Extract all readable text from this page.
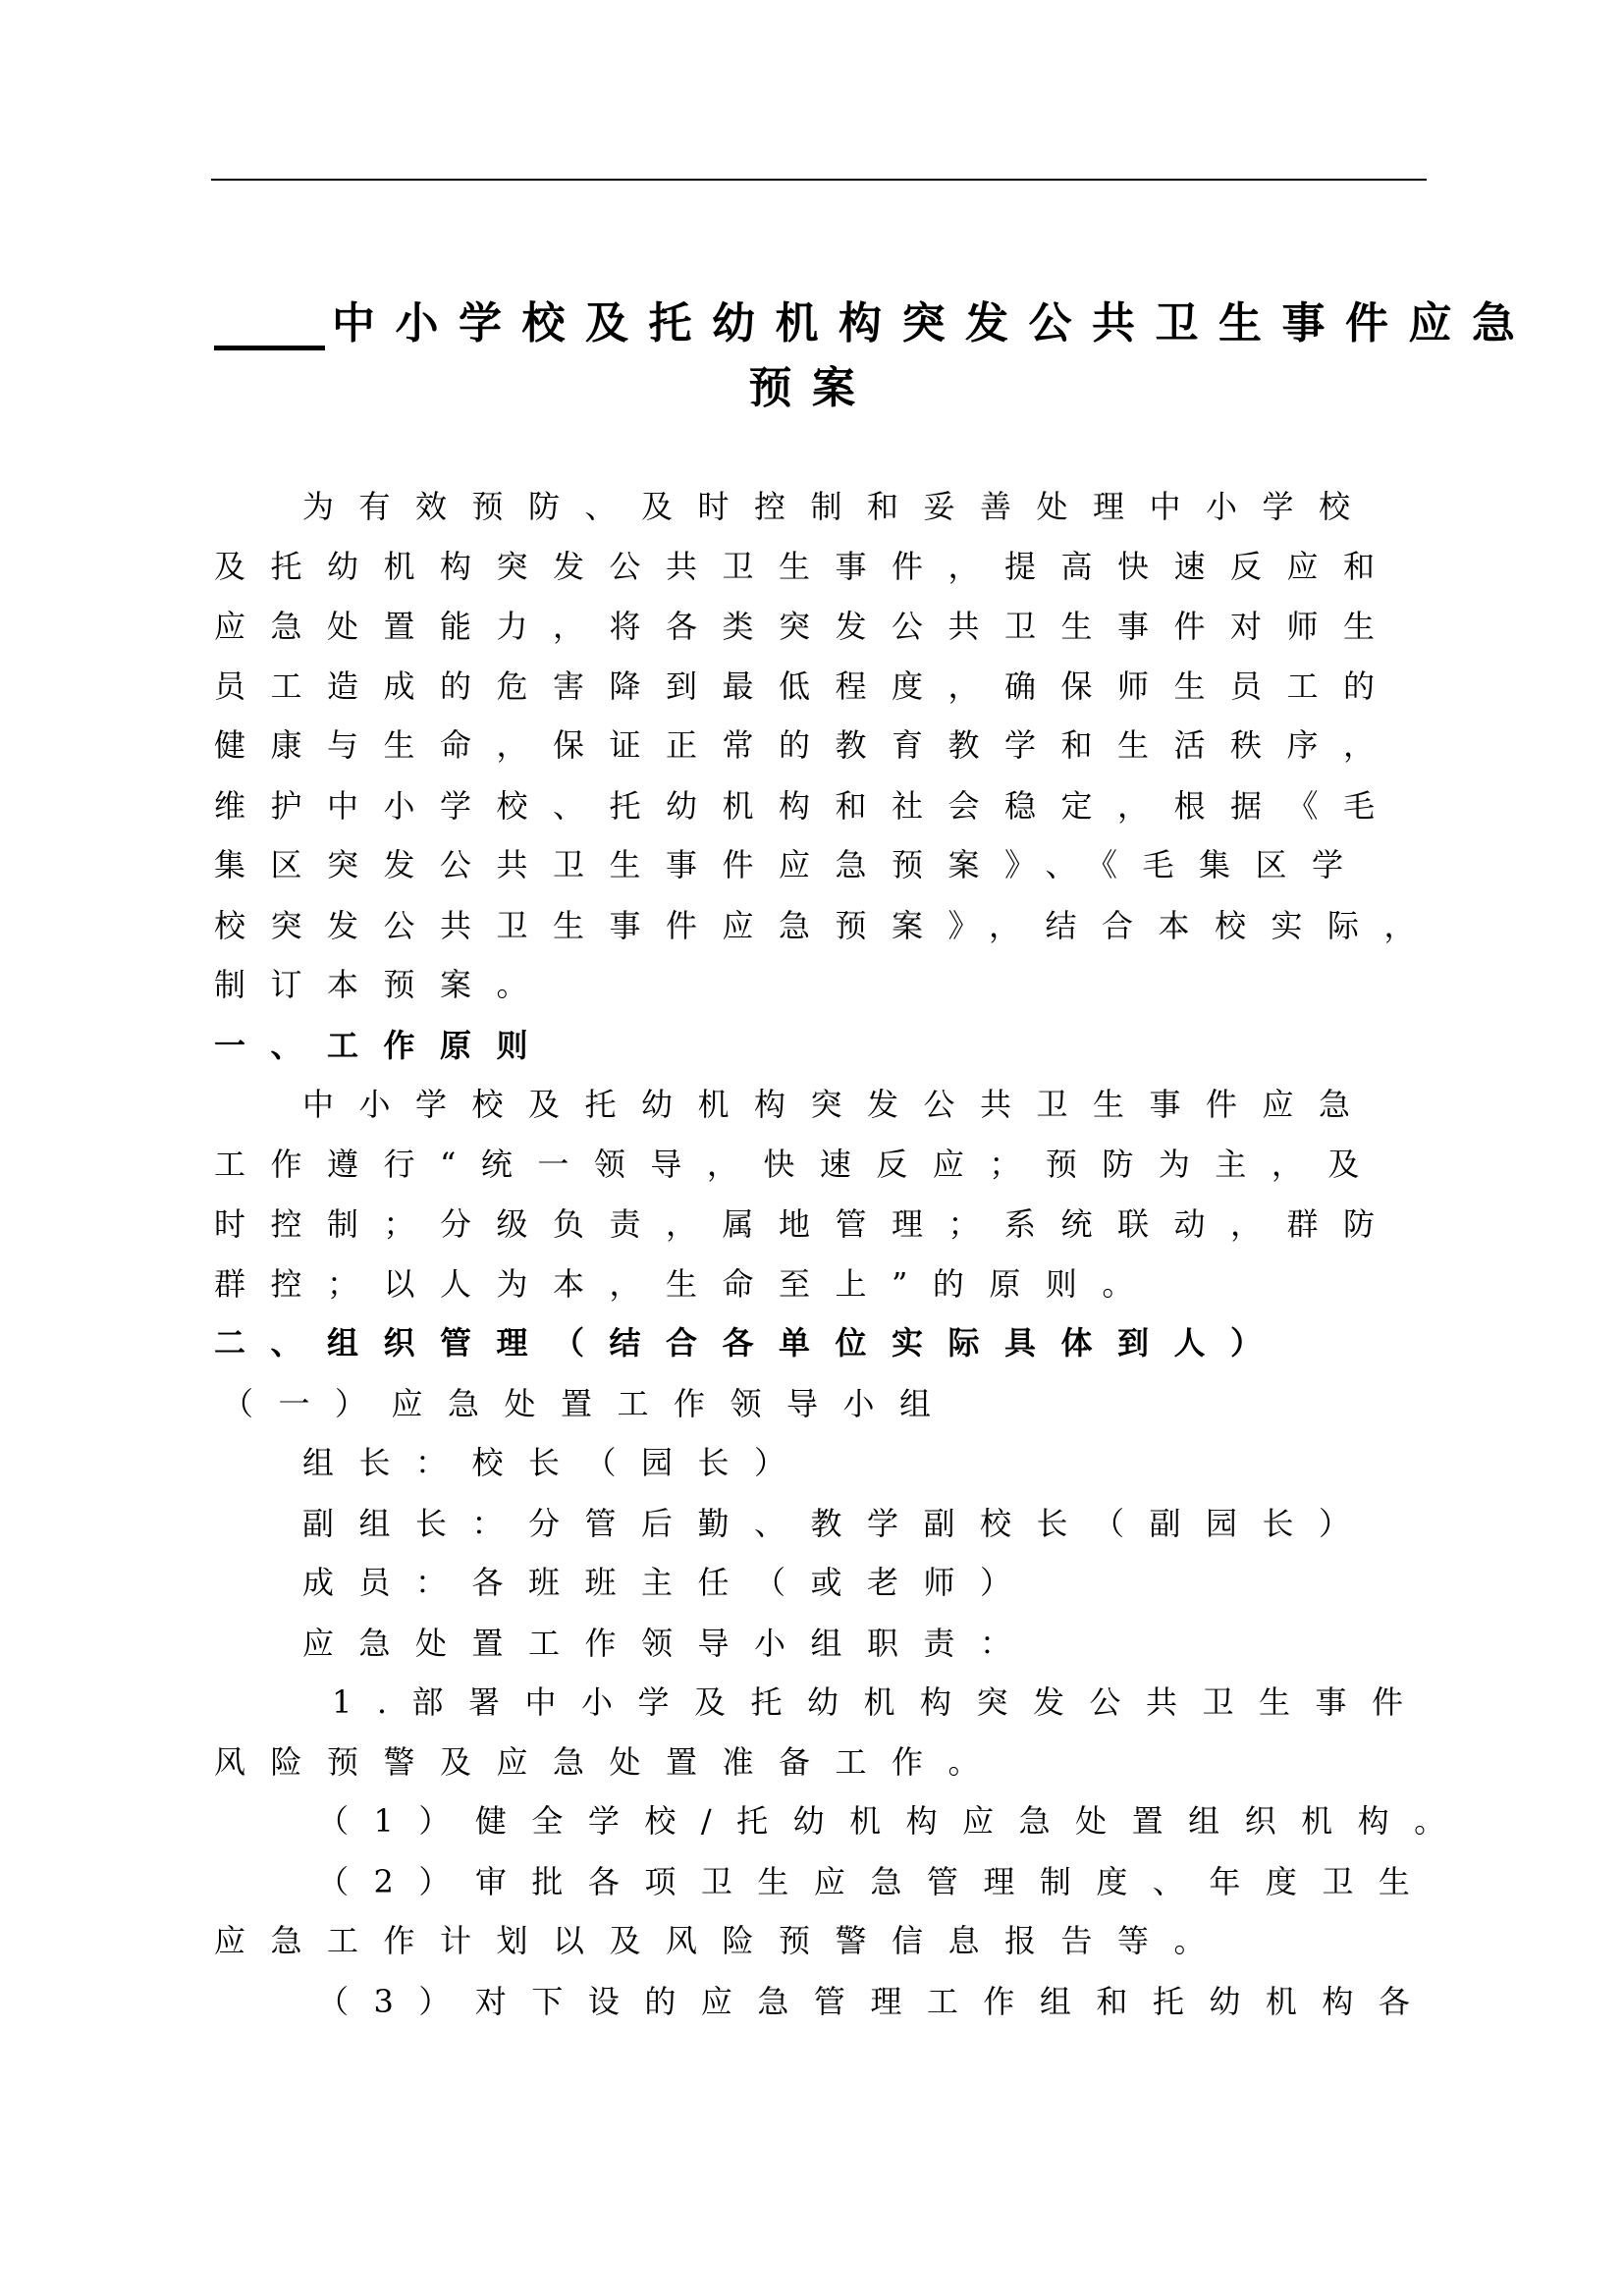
中小学校及托幼机构突发公共卫生事件应急
预案
为有效预防、及时控制和妥善处理中小学校
及托幼机构突发公共卫生事件，提高快速反应和
应急处置能力，将各类突发公共卫生事件对师生
员工造成的危害降到最低程度，确保师生员工的
健康与生命，保证正常的教育教学和生活秩序，
维护中小学校、托幼机构和社会稳定，根据《毛
集区突发公共卫生事件应急预案》、《毛集区学
校突发公共卫生事件应急预案》，结合本校实际，
制订本预案。
一、工作原则
中小学校及托幼机构突发公共卫生事件应急
工作遵行“统一领导，快速反应；预防为主，及
时控制；分级负责，属地管理；系统联动，群防
群控；以人为本，生命至上”的原则。
二、组织管理（结合各单位实际具体到人）
（一）应急处置工作领导小组
组长：校长（园长）
副组长：分管后勤、教学副校长（副园长）
成员：各班班主任（或老师）
应急处置工作领导小组职责：
1.部署中小学及托幼机构突发公共卫生事件
风险预警及应急处置准备工作。
（1）健全学校/托幼机构应急处置组织机构。
（2）审批各项卫生应急管理制度、年度卫生
应急工作计划以及风险预警信息报告等。
（3）对下设的应急管理工作组和托幼机构各
